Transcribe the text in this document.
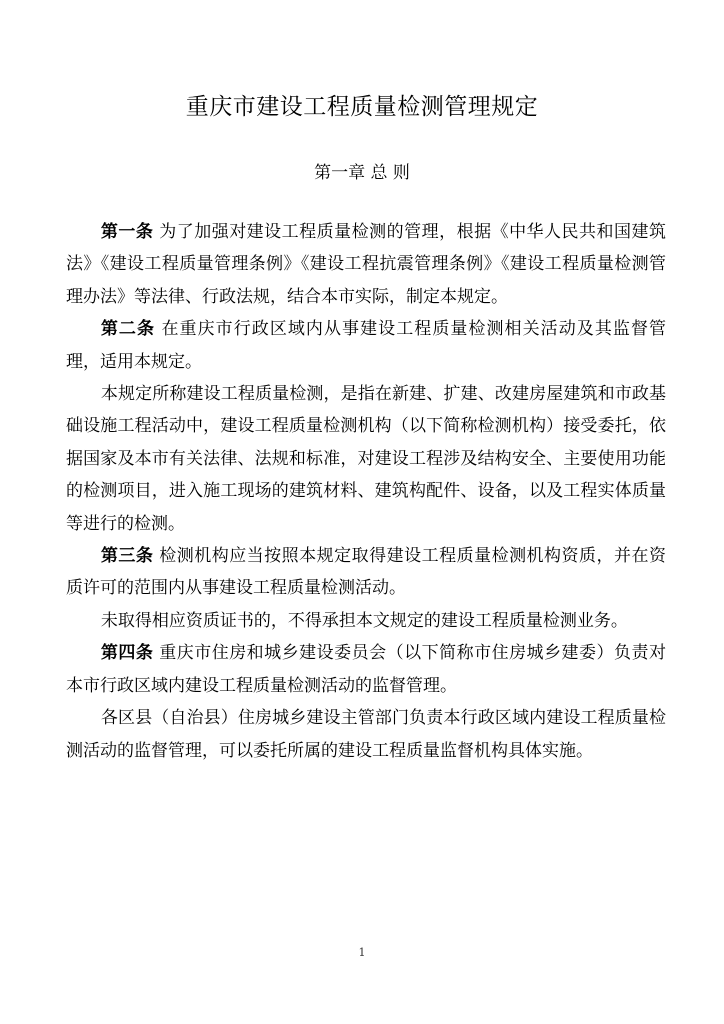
重庆市建设工程质量检测管理规定
第一章 总 则

第一条 为了加强对建设工程质量检测的管理，根据《中华人民共和国建筑法》《建设工程质量管理条例》《建设工程抗震管理条例》《建设工程质量检测管理办法》等法律、行政法规，结合本市实际，制定本规定。

第二条 在重庆市行政区域内从事建设工程质量检测相关活动及其监督管理，适用本规定。

本规定所称建设工程质量检测，是指在新建、扩建、改建房屋建筑和市政基础设施工程活动中，建设工程质量检测机构（以下简称检测机构）接受委托，依据国家及本市有关法律、法规和标准，对建设工程涉及结构安全、主要使用功能的检测项目，进入施工现场的建筑材料、建筑构配件、设备，以及工程实体质量等进行的检测。

第三条 检测机构应当按照本规定取得建设工程质量检测机构资质，并在资质许可的范围内从事建设工程质量检测活动。

未取得相应资质证书的，不得承担本文规定的建设工程质量检测业务。

第四条 重庆市住房和城乡建设委员会（以下简称市住房城乡建委）负责对本市行政区域内建设工程质量检测活动的监督管理。

各区县（自治县）住房城乡建设主管部门负责本行政区域内建设工程质量检测活动的监督管理，可以委托所属的建设工程质量监督机构具体实施。

1
